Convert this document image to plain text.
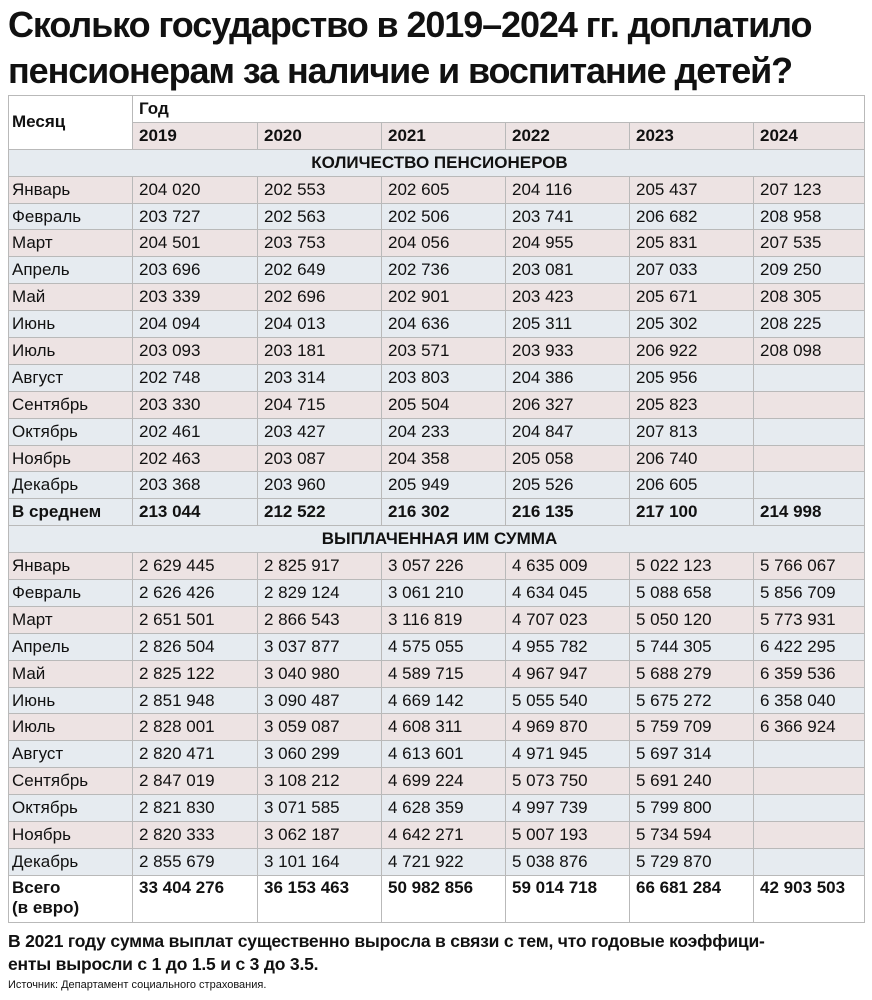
Сколько государство в 2019–2024 гг. доплатило
пенсионерам за наличие и воспитание детей?
Месяц	Год					
	2019	2020	2021	2022	2023	2024
КОЛИЧЕСТВО ПЕНСИОНЕРОВ						
Январь	204 020	202 553	202 605	204 116	205 437	207 123
Февраль	203 727	202 563	202 506	203 741	206 682	208 958
Март	204 501	203 753	204 056	204 955	205 831	207 535
Апрель	203 696	202 649	202 736	203 081	207 033	209 250
Май	203 339	202 696	202 901	203 423	205 671	208 305
Июнь	204 094	204 013	204 636	205 311	205 302	208 225
Июль	203 093	203 181	203 571	203 933	206 922	208 098
Август	202 748	203 314	203 803	204 386	205 956	
Сентябрь	203 330	204 715	205 504	206 327	205 823	
Октябрь	202 461	203 427	204 233	204 847	207 813	
Ноябрь	202 463	203 087	204 358	205 058	206 740	
Декабрь	203 368	203 960	205 949	205 526	206 605	
В среднем	213 044	212 522	216 302	216 135	217 100	214 998
ВЫПЛАЧЕННАЯ ИМ СУММА						
Январь	2 629 445	2 825 917	3 057 226	4 635 009	5 022 123	5 766 067
Февраль	2 626 426	2 829 124	3 061 210	4 634 045	5 088 658	5 856 709
Март	2 651 501	2 866 543	3 116 819	4 707 023	5 050 120	5 773 931
Апрель	2 826 504	3 037 877	4 575 055	4 955 782	5 744 305	6 422 295
Май	2 825 122	3 040 980	4 589 715	4 967 947	5 688 279	6 359 536
Июнь	2 851 948	3 090 487	4 669 142	5 055 540	5 675 272	6 358 040
Июль	2 828 001	3 059 087	4 608 311	4 969 870	5 759 709	6 366 924
Август	2 820 471	3 060 299	4 613 601	4 971 945	5 697 314	
Сентябрь	2 847 019	3 108 212	4 699 224	5 073 750	5 691 240	
Октябрь	2 821 830	3 071 585	4 628 359	4 997 739	5 799 800	
Ноябрь	2 820 333	3 062 187	4 642 271	5 007 193	5 734 594	
Декабрь	2 855 679	3 101 164	4 721 922	5 038 876	5 729 870	
Всего
(в евро)	33 404 276	36 153 463	50 982 856	59 014 718	66 681 284	42 903 503

В 2021 году сумма выплат существенно выросла в связи с тем, что годовые коэффици-
енты выросли с 1 до 1.5 и с 3 до 3.5.

Источник: Департамент социального страхования.
